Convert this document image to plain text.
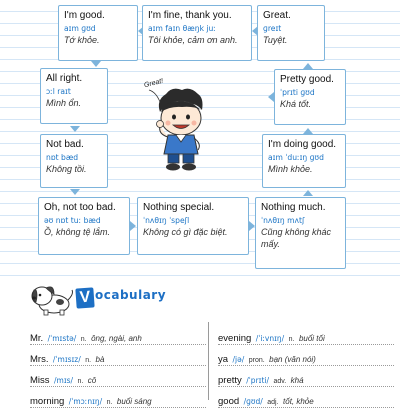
I'm good.
aɪm ɡʊd
Tớ khỏe.
I'm fine, thank you.
aɪm faɪn θæŋk juː
Tôi khỏe, cảm ơn anh.
Great.
ɡreɪt
Tuyệt.
All right.
ɔːl raɪt
Mình ổn.
Pretty good.
ˈprɪti ɡʊd
Khá tốt.
Great!
Not bad.
nɒt bæd
Không tồi.
I'm doing good.
aɪm ˈduːɪŋ ɡʊd
Mình khỏe.
Oh, not too bad.
əʊ nɒt tuː bæd
Ồ, không tệ lắm.
Nothing special.
ˈnʌθɪŋ ˈspeʃl
Không có gì đặc biệt.
Nothing much.
ˈnʌθɪŋ mʌtʃ
Cũng không khác mấy.
V ocabulary
Mr. /ˈmɪstə/ n. ông, ngài, anh
Mrs. /ˈmɪsɪz/ n. bà
Miss /mɪs/ n. cô
morning /ˈmɔːnɪŋ/ n. buổi sáng
evening /ˈiːvnɪŋ/ n. buổi tối
ya /jə/ pron. bạn (văn nói)
pretty /ˈprɪti/ adv. khá
good /ɡʊd/ adj. tốt, khỏe
